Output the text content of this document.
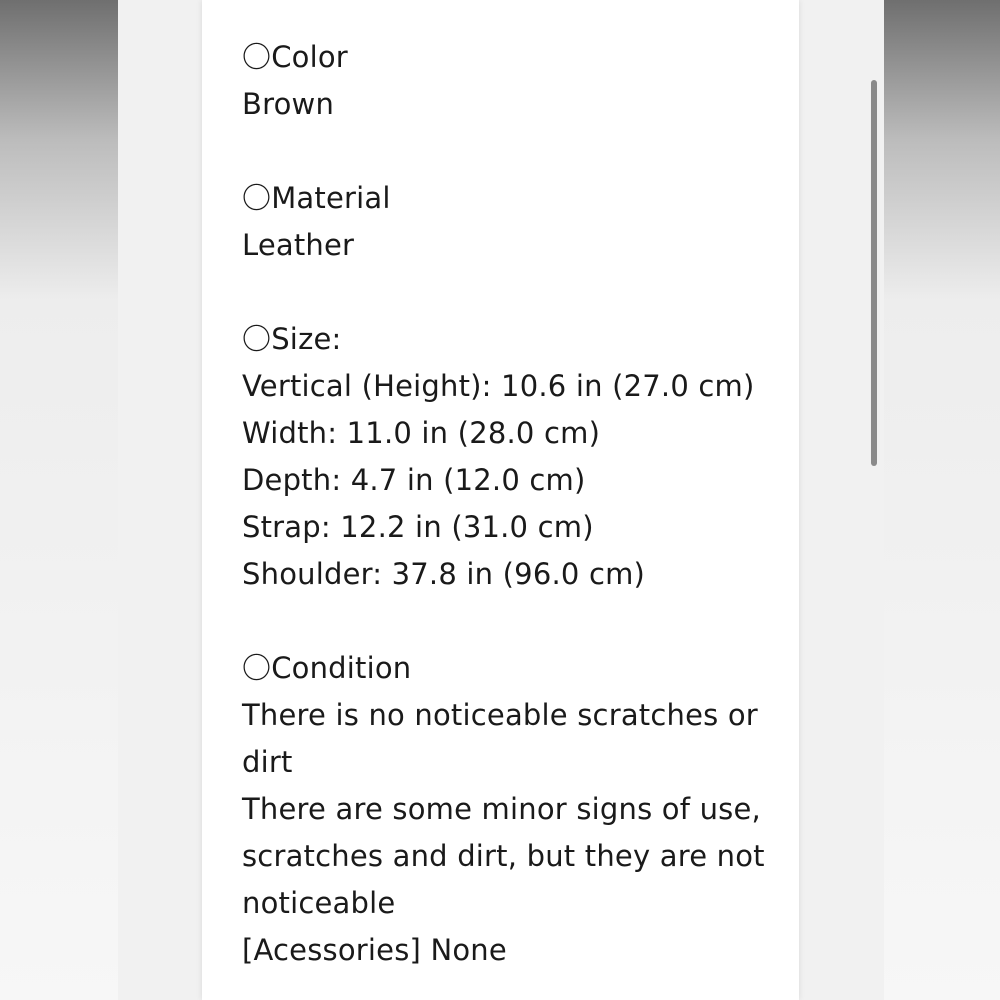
〇Color
Brown
〇Material
Leather
〇Size:
Vertical (Height): 10.6 in (27.0 cm)
Width: 11.0 in (28.0 cm)
Depth: 4.7 in (12.0 cm)
Strap: 12.2 in (31.0 cm)
Shoulder: 37.8 in (96.0 cm)
〇Condition
There is no noticeable scratches or
dirt
There are some minor signs of use,
scratches and dirt, but they are not
noticeable
[Acessories] None
